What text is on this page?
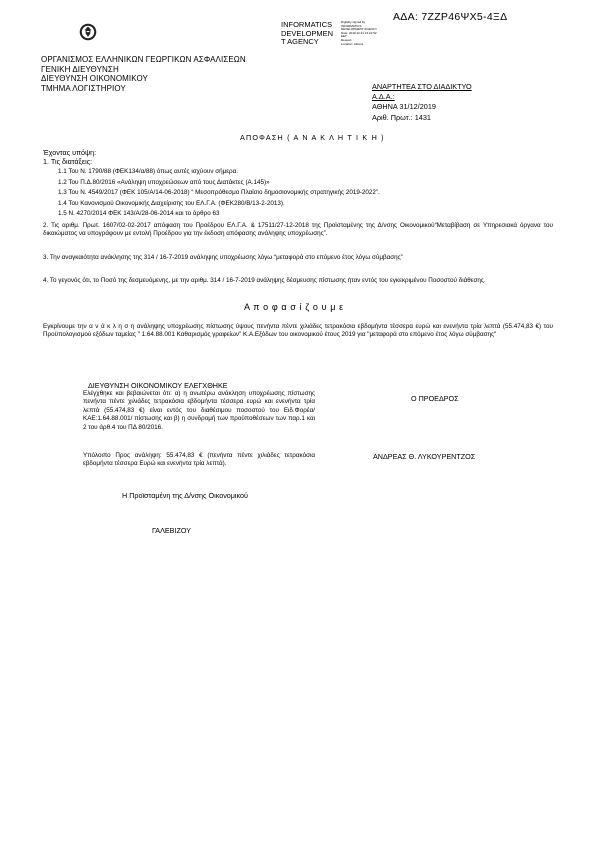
ΑΔΑ: 7ΖΖΡ46ΨΧ5-4ΞΔ
INFORMATICS
DEVELOPMEN
T AGENCY
Digitally signed by
INFORMATICS
DEVELOPMENT AGENCY
Date: 2019.12.31 13:21:52
EET
Reason:
Location: Athens
ΟΡΓΑΝΙΣΜΟΣ ΕΛΛΗΝΙΚΩΝ ΓΕΩΡΓΙΚΩΝ ΑΣΦΑΛΙΣΕΩΝ
ΓΕΝΙΚΗ ΔΙΕΥΘΥΝΣΗ
ΔΙΕΥΘΥΝΣΗ ΟΙΚΟΝΟΜΙΚΟΥ
ΤΜΗΜΑ ΛΟΓΙΣΤΗΡΙΟΥ	ΑΝΑΡΤΗΤΕΑ ΣΤΟ ΔΙΑΔΙΚΤΥΟ
Α.Δ.Α.:
ΑΘΗΝΑ 31/12/2019
Αριθ. Πρωτ.: 1431
ΑΠΟΦΑΣΗ ( Α Ν Α Κ Λ Η Τ Ι Κ Η )
Έχοντας υπόψη:
1. Τις διατάξεις:
1.1 Του Ν. 1790/88 (ΦΕΚ134/α/88) όπως αυτές ισχύουν σήμερα.
1.2 Του Π.Δ.80/2016 «Ανάληψη υποχρεώσεων από τους Διατάκτες (Α.145)»
1.3 Του Ν. 4549/2017 (ΦΕΚ 105/Α/14-06-2018) “ Μεσοπρόθεσμο Πλαίσιο δημοσιονομικής στρατηγικής 2019-2022”.
1.4 Του Κανονισμού Οικονομικής Διαχείρισης του ΕΛ.Γ.Α. (ΦΕΚ280/Β/13-2-2013).
1.5 Ν. 4270/2014 ΦΕΚ 143/Α/28-06-2014 και το άρθρο 63
2. Τις αριθμ. Πρωτ. 1607/02-02-2017 απόφαση του Προέδρου ΕΛ.Γ.Α. & 17511/27-12-2018 της Προϊσταμένης της Δ/νσης Οικονομικού“Μεταβίβαση σε Υπηρεσιακά όργανα του δικαιώματος να υπογράφουν με εντολή Προέδρου για την έκδοση απόφασης ανάληψης υποχρέωσης”.
3. Την αναγκαιότητα ανάκλησης της 314 / 16-7-2019 ανάληψης υποχρέωσης λόγω “μεταφορά στο επόμενο έτος λόγω σύμβασης”
4. Το γεγονός ότι, το Ποσό της δεσμευόμενης, με την αριθμ. 314 / 16-7-2019 ανάληψης δέσμευσης πίστωσης ήταν εντός του εγκεκριμένου Ποσοστού διάθεσης.
Α π ο φ α σ ί ζ ο υ μ ε
Εγκρίνουμε την α ν ά κ λ η σ η ανάληψης υποχρέωσης πίστωσης ύψους πενήντα πέντε χιλιάδες τετρακόσια εβδομήντα τέσσερα ευρώ και ενενήντα τρία λεπτά (55.474,83 €) του Προϋπολογισμού εξόδων ταμείας " 1.64.88.001 Καθαρισμός γραφείων" Κ.Α.Εξόδων του οικονομικού έτους 2019 για "μεταφορά στο επόμενο έτος λόγω σύμβασης"
ΔΙΕΥΘΥΝΣΗ ΟΙΚΟΝΟΜΙΚΟΥ ΕΛΕΓΧΘΗΚΕ
Ελέγχθηκε και βεβαιώνεται ότι: α) η ανωτέρω ανάκληση υποχρέωσης πίστωσης πενήντα πέντε χιλιάδες τετρακόσια εβδομήντα τέσσερα ευρώ και ενενήντα τρία λεπτά (55.474,83 €) είναι εντός του διαθέσιμου ποσοστού του Ειδ.Φορέα/ΚΑΕ:1.64.88.001/ πίστωσης και β) η συνδρομή των προϋποθέσεων των παρ.1 και 2 του άρθ.4 του ΠΔ 80/2016.
Υπόλοιπο Προς ανάληψη: 55.474,83 € (πενήντα πέντε χιλιάδες τετρακόσια εβδομήντα τέσσερα Ευρώ και ενενήντα τρία λεπτά).
Ο ΠΡΟΕΔΡΟΣ
ΑΝΔΡΕΑΣ Θ. ΛΥΚΟΥΡΕΝΤΖΟΣ
Η Προϊσταμένη της Δ/νσης Οικονομικού
ΓΑΛΕΒΙΖΟΥ
